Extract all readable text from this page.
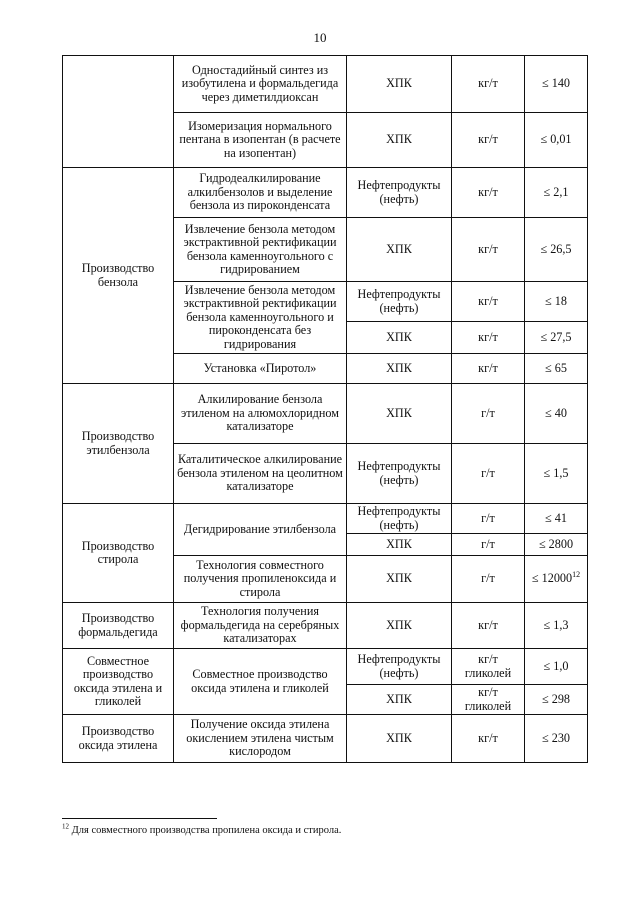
10
	Одностадийный синтез из изобутилена и формальдегида через диметилдиоксан	ХПК	кг/т	≤ 140
	Изомеризация нормального пентана в изопентан (в расчете на изопентан)	ХПК	кг/т	≤ 0,01
Производство бензола	Гидродеалкилирование алкилбензолов и выделение бензола из пироконденсата	Нефтепродукты (нефть)	кг/т	≤ 2,1
	Извлечение бензола методом экстрактивной ректификации бензола каменноугольного с гидрированием	ХПК	кг/т	≤ 26,5
	Извлечение бензола методом экстрактивной ректификации бензола каменноугольного и пироконденсата без гидрирования	Нефтепродукты (нефть)	кг/т	≤ 18
		ХПК	кг/т	≤ 27,5
	Установка «Пиротол»	ХПК	кг/т	≤ 65
Производство этилбензола	Алкилирование бензола этиленом на алюмохлоридном катализаторе	ХПК	г/т	≤ 40
	Каталитическое алкилирование бензола этиленом на цеолитном катализаторе	Нефтепродукты (нефть)	г/т	≤ 1,5
Производство стирола	Дегидрирование этилбензола	Нефтепродукты (нефть)	г/т	≤ 41
		ХПК	г/т	≤ 2800
	Технология совместного получения пропиленоксида и стирола	ХПК	г/т	≤ $12000^{12}$
Производство формальдегида	Технология получения формальдегида на серебряных катализаторах	ХПК	кг/т	≤ 1,3
Совместное производство оксида этилена и гликолей	Совместное производство оксида этилена и гликолей	Нефтепродукты (нефть)	кг/т гликолей	≤ 1,0
		ХПК	кг/т гликолей	≤ 298
Производство оксида этилена	Получение оксида этилена окислением этилена чистым кислородом	ХПК	кг/т	≤ 230
$^{12}$ Для совместного производства пропилена оксида и стирола.
